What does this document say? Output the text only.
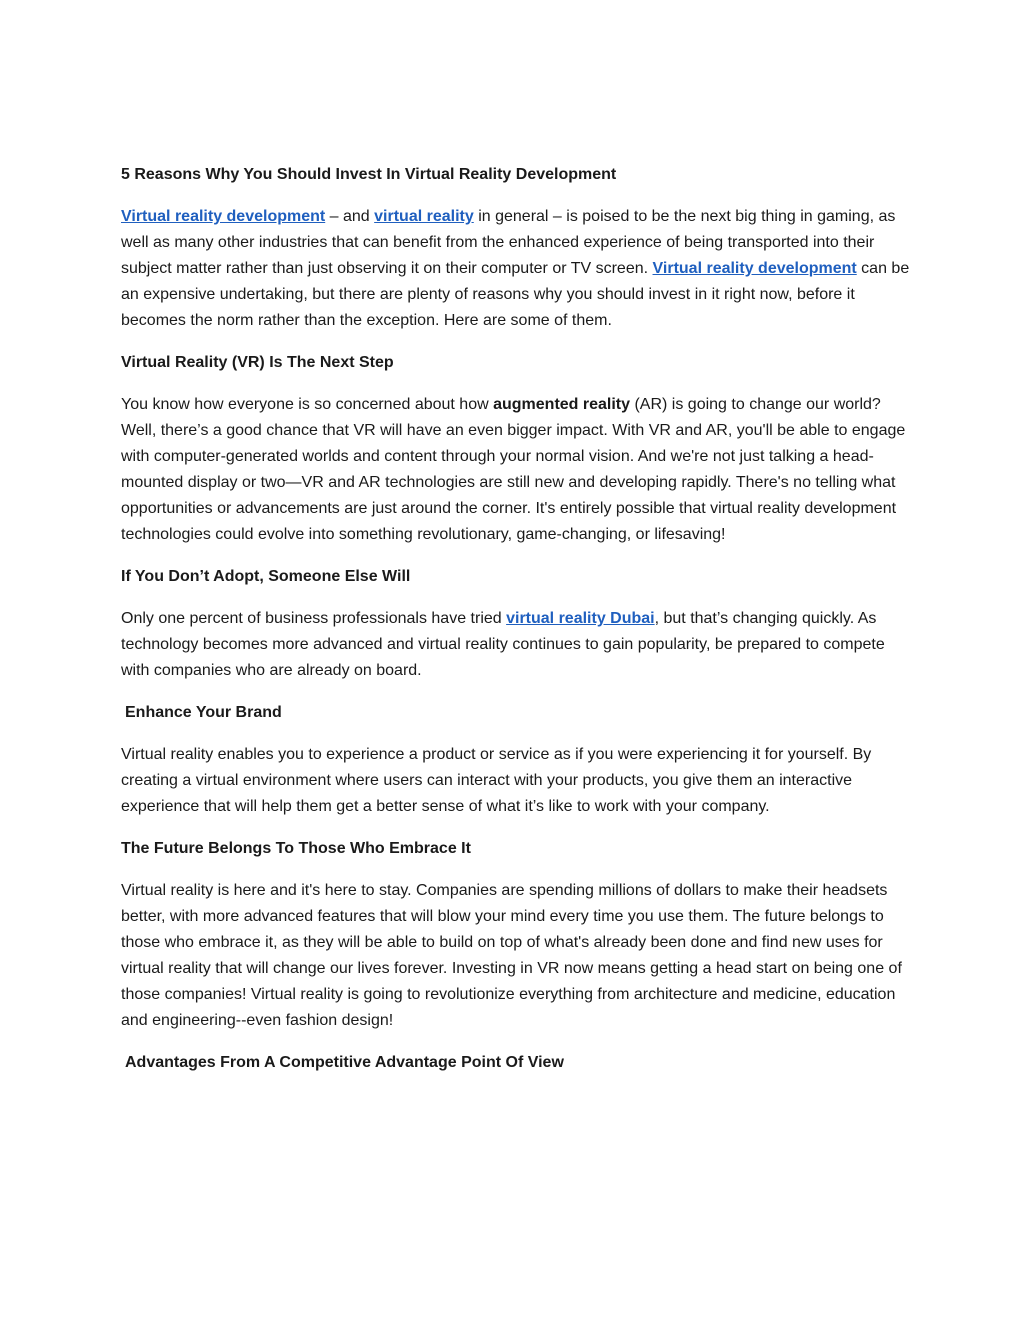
5 Reasons Why You Should Invest In Virtual Reality Development
Virtual reality development – and virtual reality in general – is poised to be the next big thing in gaming, as well as many other industries that can benefit from the enhanced experience of being transported into their subject matter rather than just observing it on their computer or TV screen. Virtual reality development can be an expensive undertaking, but there are plenty of reasons why you should invest in it right now, before it becomes the norm rather than the exception. Here are some of them.
Virtual Reality (VR) Is The Next Step
You know how everyone is so concerned about how augmented reality (AR) is going to change our world? Well, there’s a good chance that VR will have an even bigger impact. With VR and AR, you'll be able to engage with computer-generated worlds and content through your normal vision. And we're not just talking a head-mounted display or two—VR and AR technologies are still new and developing rapidly. There's no telling what opportunities or advancements are just around the corner. It's entirely possible that virtual reality development technologies could evolve into something revolutionary, game-changing, or lifesaving!
If You Don’t Adopt, Someone Else Will
Only one percent of business professionals have tried virtual reality Dubai, but that’s changing quickly. As technology becomes more advanced and virtual reality continues to gain popularity, be prepared to compete with companies who are already on board.
Enhance Your Brand
Virtual reality enables you to experience a product or service as if you were experiencing it for yourself. By creating a virtual environment where users can interact with your products, you give them an interactive experience that will help them get a better sense of what it’s like to work with your company.
The Future Belongs To Those Who Embrace It
Virtual reality is here and it's here to stay. Companies are spending millions of dollars to make their headsets better, with more advanced features that will blow your mind every time you use them. The future belongs to those who embrace it, as they will be able to build on top of what's already been done and find new uses for virtual reality that will change our lives forever. Investing in VR now means getting a head start on being one of those companies! Virtual reality is going to revolutionize everything from architecture and medicine, education and engineering--even fashion design!
Advantages From A Competitive Advantage Point Of View
